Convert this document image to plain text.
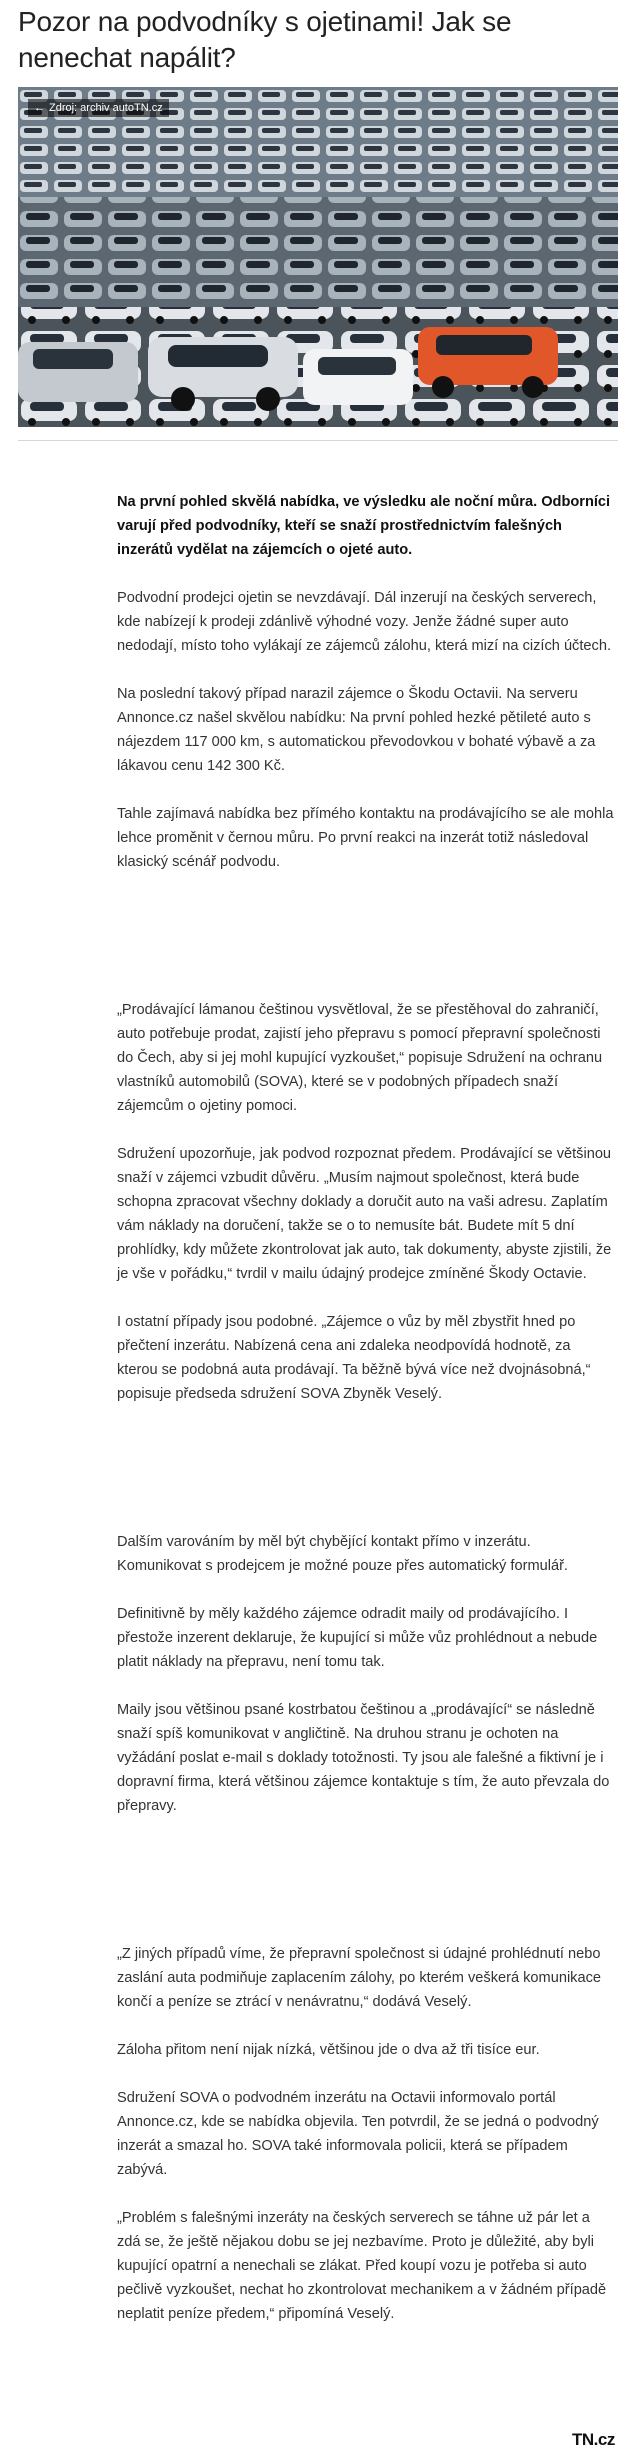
Pozor na podvodníky s ojetinami! Jak se nenechat napálit?
← Zdroj: archiv autoTN.cz

Na první pohled skvělá nabídka, ve výsledku ale noční můra. Odborníci varují před podvodníky, kteří se snaží prostřednictvím falešných inzerátů vydělat na zájemcích o ojeté auto.

Podvodní prodejci ojetin se nevzdávají. Dál inzerují na českých serverech, kde nabízejí k prodeji zdánlivě výhodné vozy. Jenže žádné super auto nedodají, místo toho vylákají ze zájemců zálohu, která mizí na cizích účtech.

Na poslední takový případ narazil zájemce o Škodu Octavii. Na serveru Annonce.cz našel skvělou nabídku: Na první pohled hezké pětileté auto s nájezdem 117 000 km, s automatickou převodovkou v bohaté výbavě a za lákavou cenu 142 300 Kč.

Tahle zajímavá nabídka bez přímého kontaktu na prodávajícího se ale mohla lehce proměnit v černou můru. Po první reakci na inzerát totiž následoval klasický scénář podvodu.

„Prodávající lámanou češtinou vysvětloval, že se přestěhoval do zahraničí, auto potřebuje prodat, zajistí jeho přepravu s pomocí přepravní společnosti do Čech, aby si jej mohl kupující vyzkoušet,“ popisuje Sdružení na ochranu vlastníků automobilů (SOVA), které se v podobných případech snaží zájemcům o ojetiny pomoci.

Sdružení upozorňuje, jak podvod rozpoznat předem. Prodávající se většinou snaží v zájemci vzbudit důvěru. „Musím najmout společnost, která bude schopna zpracovat všechny doklady a doručit auto na vaši adresu. Zaplatím vám náklady na doručení, takže se o to nemusíte bát. Budete mít 5 dní prohlídky, kdy můžete zkontrolovat jak auto, tak dokumenty, abyste zjistili, že je vše v pořádku,“ tvrdil v mailu údajný prodejce zmíněné Škody Octavie.

I ostatní případy jsou podobné. „Zájemce o vůz by měl zbystřit hned po přečtení inzerátu. Nabízená cena ani zdaleka neodpovídá hodnotě, za kterou se podobná auta prodávají. Ta běžně bývá více než dvojnásobná,“ popisuje předseda sdružení SOVA Zbyněk Veselý.

Dalším varováním by měl být chybějící kontakt přímo v inzerátu. Komunikovat s prodejcem je možné pouze přes automatický formulář.

Definitivně by měly každého zájemce odradit maily od prodávajícího. I přestože inzerent deklaruje, že kupující si může vůz prohlédnout a nebude platit náklady na přepravu, není tomu tak.

Maily jsou většinou psané kostrbatou češtinou a „prodávající“ se následně snaží spíš komunikovat v angličtině. Na druhou stranu je ochoten na vyžádání poslat e-mail s doklady totožnosti. Ty jsou ale falešné a fiktivní je i dopravní firma, která většinou zájemce kontaktuje s tím, že auto převzala do přepravy.

„Z jiných případů víme, že přepravní společnost si údajné prohlédnutí nebo zaslání auta podmiňuje zaplacením zálohy, po kterém veškerá komunikace končí a peníze se ztrácí v nenávratnu,“ dodává Veselý.

Záloha přitom není nijak nízká, většinou jde o dva až tři tisíce eur.

Sdružení SOVA o podvodném inzerátu na Octavii informovalo portál Annonce.cz, kde se nabídka objevila. Ten potvrdil, že se jedná o podvodný inzerát a smazal ho. SOVA také informovala policii, která se případem zabývá.

„Problém s falešnými inzeráty na českých serverech se táhne už pár let a zdá se, že ještě nějakou dobu se jej nezbavíme. Proto je důležité, aby byli kupující opatrní a nenechali se zlákat. Před koupí vozu je potřeba si auto pečlivě vyzkoušet, nechat ho zkontrolovat mechanikem a v žádném případě neplatit peníze předem,“ připomíná Veselý.

TN.cz
